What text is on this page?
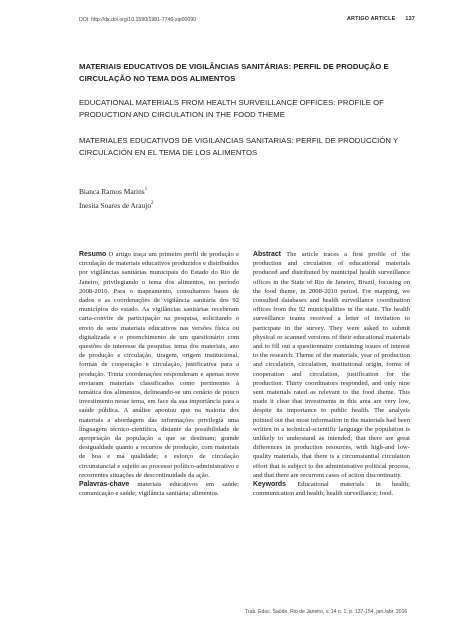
DOI: http://dx.doi.org/10.1590/1981-7746-sip00090	ARTIGO ARTICLE 137
MATERIAIS EDUCATIVOS DE VIGILÂNCIAS SANITÁRIAS: PERFIL DE PRODUÇÃO E CIRCULAÇÃO NO TEMA DOS ALIMENTOS
EDUCATIONAL MATERIALS FROM HEALTH SURVEILLANCE OFFICES: PROFILE OF PRODUCTION AND CIRCULATION IN THE FOOD THEME
MATERIALES EDUCATIVOS DE VIGILANCIAS SANITARIAS: PERFIL DE PRODUCCIÓN Y CIRCULACIÓN EN EL TEMA DE LOS ALIMENTOS
Bianca Ramos Marins$^1$
Inesita Soares de Araujo$^2$

Resumo O artigo traça um primeiro perfil de produção e circulação de materiais educativos produzidos e distribuídos por vigilâncias sanitárias municipais do Estado do Rio de Janeiro, privilegiando o tema dos alimentos, no período 2008-2010. Para o mapeamento, consultamos bases de dados e as coordenações de vigilância sanitária dos 92 municípios do estado. As vigilâncias sanitárias receberam carta-convite de participação na pesquisa, solicitando o envio de seus materiais educativos nas versões física ou digitalizada e o preenchimento de um questionário com questões de interesse da pesquisa: tema dos materiais, ano de produção e circulação, tiragem, origem institucional, formas de cooperação e circulação, justificativa para a produção. Trinta coordenações responderam e apenas nove enviaram materiais classificados como pertinentes à temática dos alimentos, delineando-se um cenário de pouco investimento nesse tema, em face da sua importância para a saúde pública. A análise apontou que na maioria dos materiais a abordagem das informações privilegia uma linguagem técnico-científica, distante da possibilidade de apropriação da população a que se destinam; grande desigualdade quanto a recursos de produção, com materiais de boa e má qualidade; e esforço de circulação circunstancial e sujeito ao processo político-administrativo e recorrentes situações de descontinuidade da ação.

Palavras-chave materiais educativos em saúde; comunicação e saúde; vigilância sanitária; alimentos.

Abstract The article traces a first profile of the production and circulation of educational materials produced and distributed by municipal health surveillance offices in the State of Rio de Janeiro, Brazil, focusing on the food theme, in 2008-2010 period. For mapping, we consulted databases and health surveillance coordination offices from the 92 municipalities in the state. The health surveillance teams received a letter of invitation to participate in the survey. They were asked to submit physical or scanned versions of their educational materials and to fill out a questionnaire containing issues of interest to the research: Theme of the materials, year of production and circulation, circulation, institutional origin, forms of cooperation and circulation, justification for the production. Thirty coordinators responded, and only nine sent materials rated as relevant to the food theme. This made it clear that investments in this area are very low, despite its importance to public health. The analysis pointed out that most information in the materials had been written in a technical-scientific language the population is unlikely to understand as intended; that there are great differences in production resources, with high-and low-quality materials, that there is a circumstantial circulation effort that is subject to the administrative political process, and that there are recurrent cases of action discontinuity.

Keywords Educational materials in health; communication and health; health surveillance; food.

Trab. Educ. Saúde, Rio de Janeiro, v. 14 n. 1, p. 137-154, jan./abr. 2016
